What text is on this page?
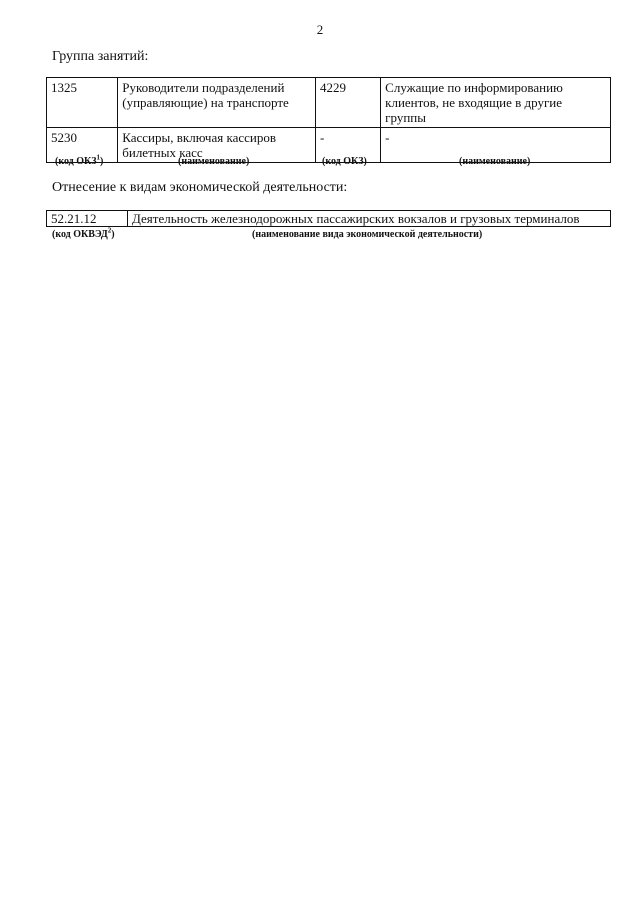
2
Группа занятий:
1325	Руководители подразделений (управляющие) на транспорте	4229	Служащие по информированию клиентов, не входящие в другие группы
5230	Кассиры, включая кассиров билетных касс	-	-
(код ОКЗ$^1$)	(наименование)	(код ОКЗ)	(наименование)
Отнесение к видам экономической деятельности:
52.21.12	Деятельность железнодорожных пассажирских вокзалов и грузовых терминалов
(код ОКВЭД$^2$)	(наименование вида экономической деятельности)
